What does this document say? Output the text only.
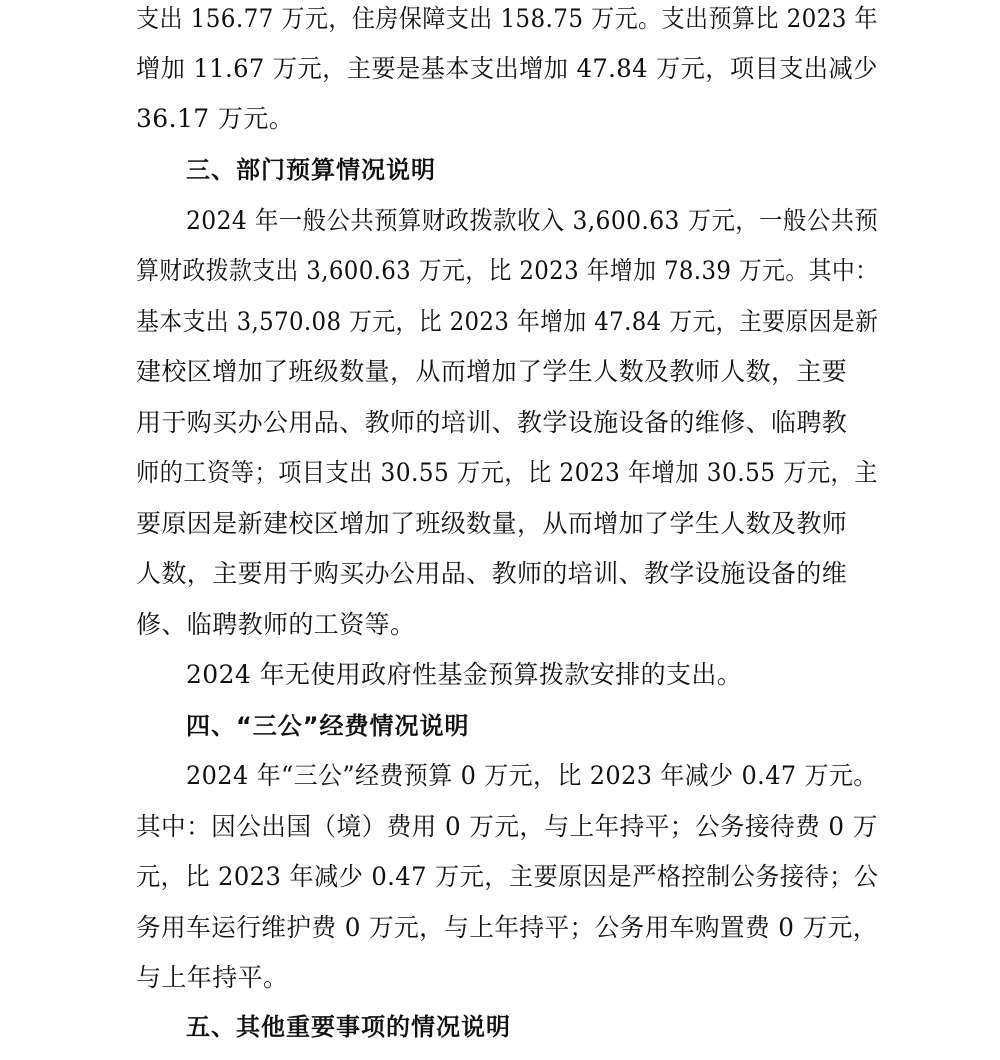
支出 156.77 万元，住房保障支出 158.75 万元。支出预算比 2023 年
增加 11.67 万元，主要是基本支出增加 47.84 万元，项目支出减少
36.17 万元。
三、部门预算情况说明
2024 年一般公共预算财政拨款收入 3,600.63 万元，一般公共预
算财政拨款支出 3,600.63 万元，比 2023 年增加 78.39 万元。其中：
基本支出 3,570.08 万元，比 2023 年增加 47.84 万元，主要原因是新
建校区增加了班级数量，从而增加了学生人数及教师人数，主要
用于购买办公用品、教师的培训、教学设施设备的维修、临聘教
师的工资等；项目支出 30.55 万元，比 2023 年增加 30.55 万元，主
要原因是新建校区增加了班级数量，从而增加了学生人数及教师
人数，主要用于购买办公用品、教师的培训、教学设施设备的维
修、临聘教师的工资等。
2024 年无使用政府性基金预算拨款安排的支出。
四、“三公”经费情况说明
2024 年“三公”经费预算 0 万元，比 2023 年减少 0.47 万元。
其中：因公出国（境）费用 0 万元，与上年持平；公务接待费 0 万
元，比 2023 年减少 0.47 万元，主要原因是严格控制公务接待；公
务用车运行维护费 0 万元，与上年持平；公务用车购置费 0 万元，
与上年持平。
五、其他重要事项的情况说明
